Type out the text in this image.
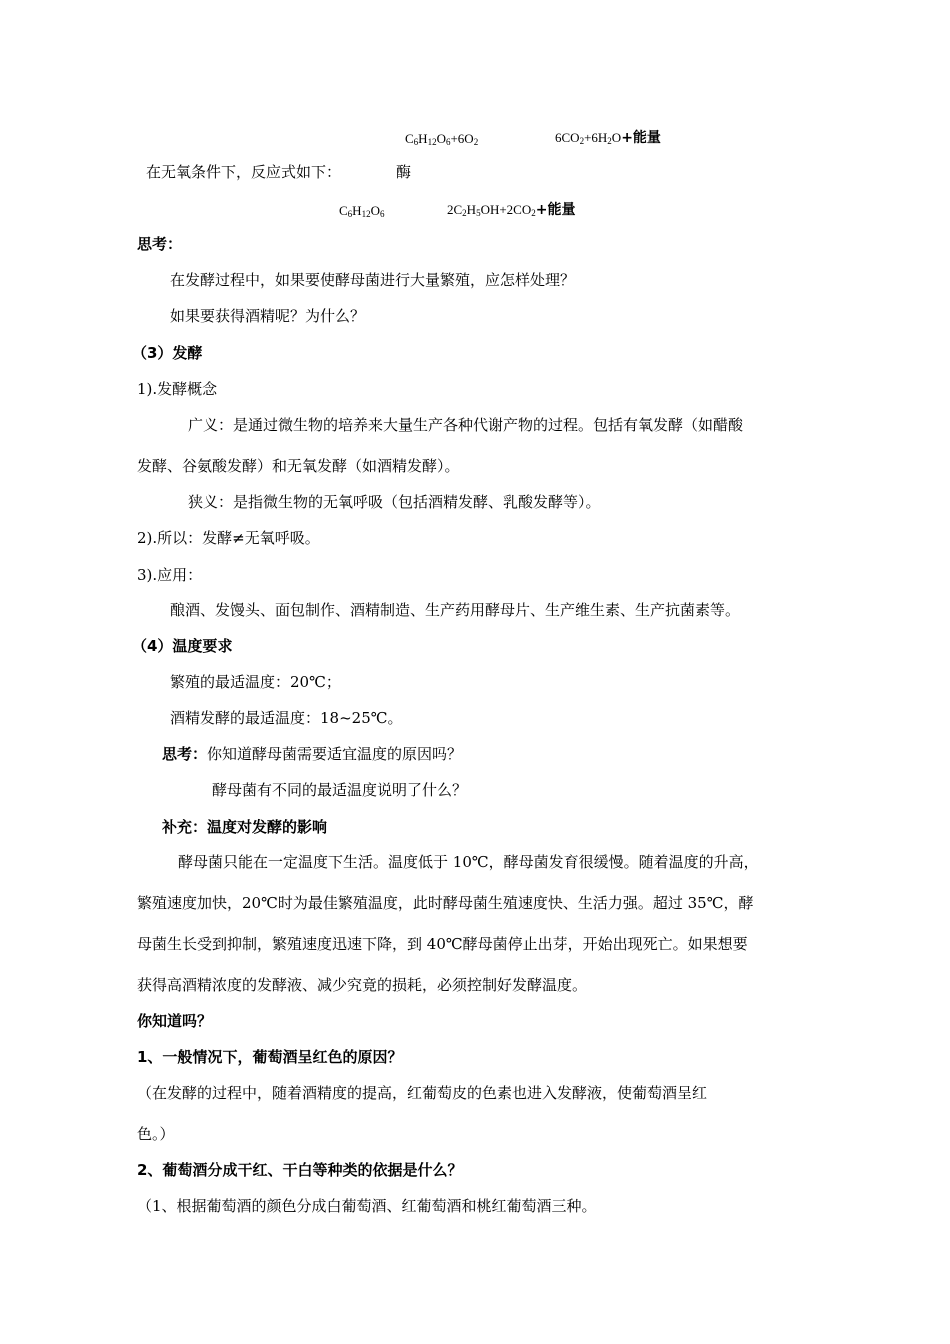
$C_6H_{12}O_6+6O_2$	$6CO_2+6H_2O+$能量
在无氧条件下，反应式如下：	酶
$C_6H_{12}O_6$	$2C_2H_5OH+2CO_2+$能量
思考：
在发酵过程中，如果要使酵母菌进行大量繁殖，应怎样处理？
如果要获得酒精呢？为什么？
（3）发酵
1).发酵概念
广义：是通过微生物的培养来大量生产各种代谢产物的过程。包括有氧发酵（如醋酸
发酵、谷氨酸发酵）和无氧发酵（如酒精发酵）。
狭义：是指微生物的无氧呼吸（包括酒精发酵、乳酸发酵等）。
2).所以：发酵≠无氧呼吸。
3).应用：
酿酒、发馒头、面包制作、酒精制造、生产药用酵母片、生产维生素、生产抗菌素等。
（4）温度要求
繁殖的最适温度：20℃；
酒精发酵的最适温度：18~25℃。
思考：你知道酵母菌需要适宜温度的原因吗？
酵母菌有不同的最适温度说明了什么？
补充：温度对发酵的影响
酵母菌只能在一定温度下生活。温度低于 10℃，酵母菌发育很缓慢。随着温度的升高，
繁殖速度加快，20℃时为最佳繁殖温度，此时酵母菌生殖速度快、生活力强。超过 35℃，酵
母菌生长受到抑制，繁殖速度迅速下降，到 40℃酵母菌停止出芽，开始出现死亡。如果想要
获得高酒精浓度的发酵液、减少究竟的损耗，必须控制好发酵温度。
你知道吗？
1、一般情况下，葡萄酒呈红色的原因？
（在发酵的过程中，随着酒精度的提高，红葡萄皮的色素也进入发酵液，使葡萄酒呈红
色。）
2、葡萄酒分成干红、干白等种类的依据是什么？
（1、根据葡萄酒的颜色分成白葡萄酒、红葡萄酒和桃红葡萄酒三种。
